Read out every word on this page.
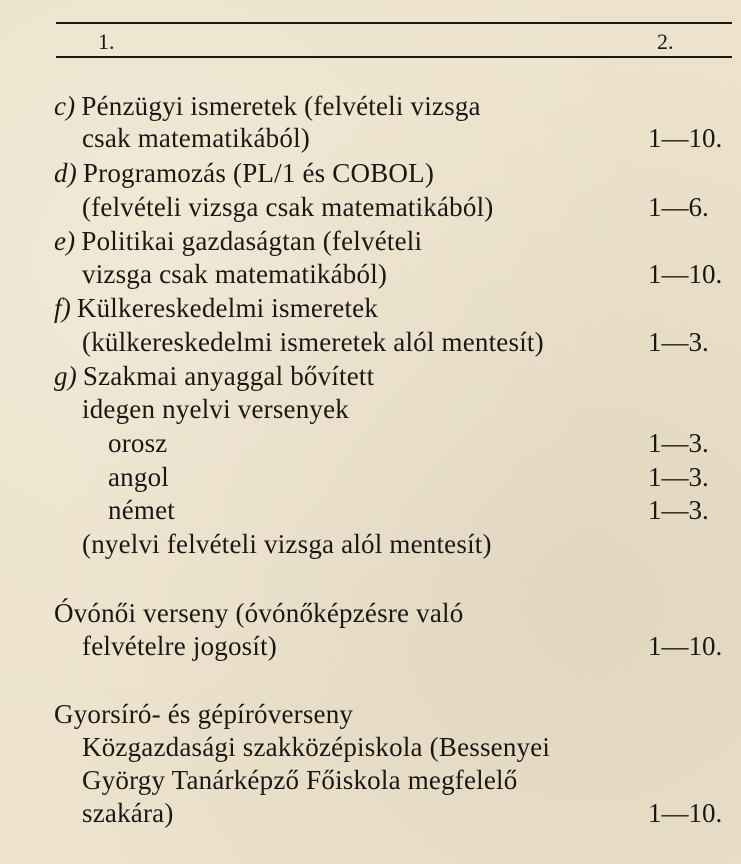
1.	2.
c) Pénzügyi ismeretek (felvételi vizsga
csak matematikából)	1—10.
d) Programozás (PL/1 és COBOL)
(felvételi vizsga csak matematikából)	1—6.
e) Politikai gazdaságtan (felvételi
vizsga csak matematikából)	1—10.
f) Külkereskedelmi ismeretek
(külkereskedelmi ismeretek alól mentesít)	1—3.
g) Szakmai anyaggal bővített
idegen nyelvi versenyek
orosz	1—3.
angol	1—3.
német	1—3.
(nyelvi felvételi vizsga alól mentesít)
Óvónői verseny (óvónőképzésre való
felvételre jogosít)	1—10.
Gyorsíró- és gépíróverseny
Közgazdasági szakközépiskola (Bessenyei
György Tanárképző Főiskola megfelelő
szakára)	1—10.
